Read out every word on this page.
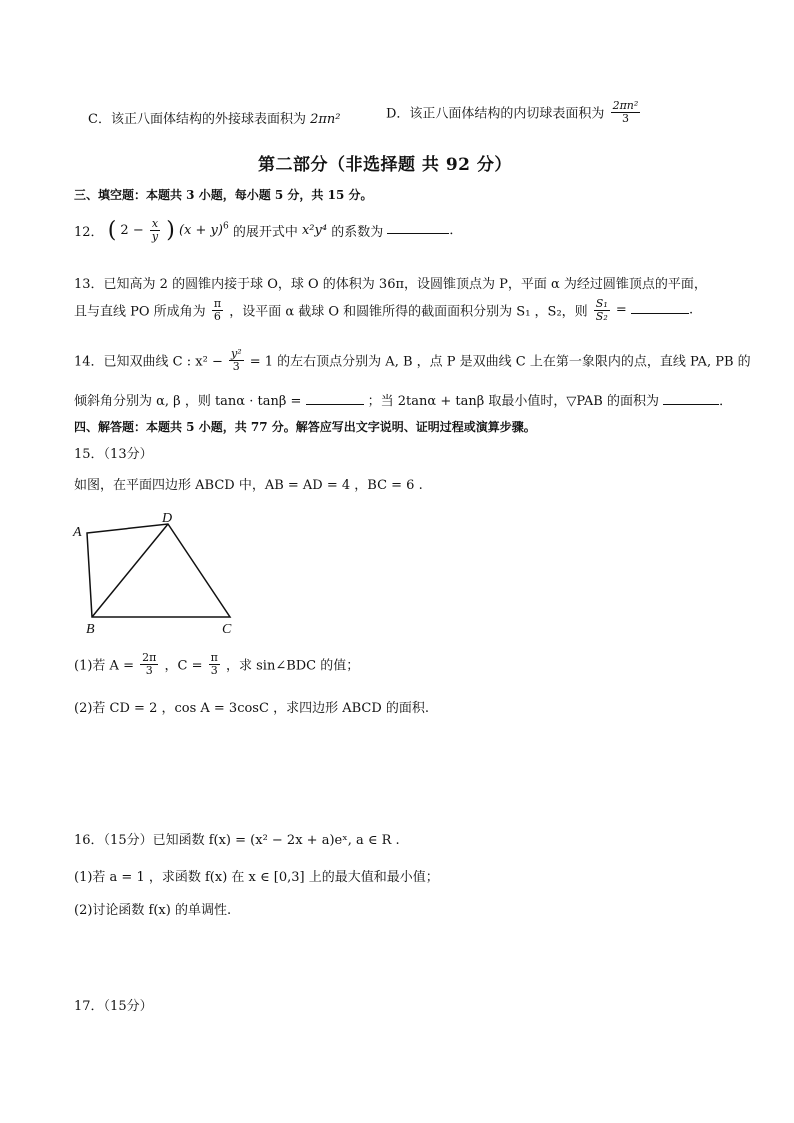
C．该正八面体结构的外接球表面积为 2πn²	D．该正八面体结构的内切球表面积为 $\frac{\text{2πn²}}{3}$
第二部分（非选择题 共 92 分）
三、填空题：本题共 3 小题，每小题 5 分，共 15 分。
12． ( $2 - \frac{x}{y}$ ) $(x + y)^6$ 的展开式中 x²y⁴ 的系数为	．
13．已知高为 2 的圆锥内接于球 O，球 O 的体积为 36π，设圆锥顶点为 P，平面 α 为经过圆锥顶点的平面，
且与直线 PO 所成角为 $\frac{\pi}{6}$ ，设平面 α 截球 O 和圆锥所得的截面面积分别为 S₁ ，S₂，则 $\frac{\text{S₁}}{\text{S₂}}$ =	.
14．已知双曲线 C : $x^2 - \frac{\text{y²}}{3} = 1$ 的左右顶点分别为 A, B ，点 P 是双曲线 C 上在第一象限内的点，直线 PA, PB 的
倾斜角分别为 α, β ，则 tanα · tanβ =	；当 2tanα + tanβ 取最小值时，▽PAB 的面积为	．
四、解答题：本题共 5 小题，共 77 分。解答应写出文字说明、证明过程或演算步骤。
15．（13分）
如图，在平面四边形 ABCD 中，AB = AD = 4 ，BC = 6 .
A
D
B	C
(1)若 $A = \frac{2\pi}{3}$ ，$C = \frac{\pi}{3}$ ，求 sin∠BDC 的值；
(2)若 CD = 2 ，cos A = 3cosC ，求四边形 ABCD 的面积.
16．（15分）已知函数 f(x) = (x² − 2x + a)eˣ, a ∈ R .
(1)若 a = 1 ，求函数 f(x) 在 x ∈ [0,3] 上的最大值和最小值；
(2)讨论函数 f(x) 的单调性.
17．（15分）
